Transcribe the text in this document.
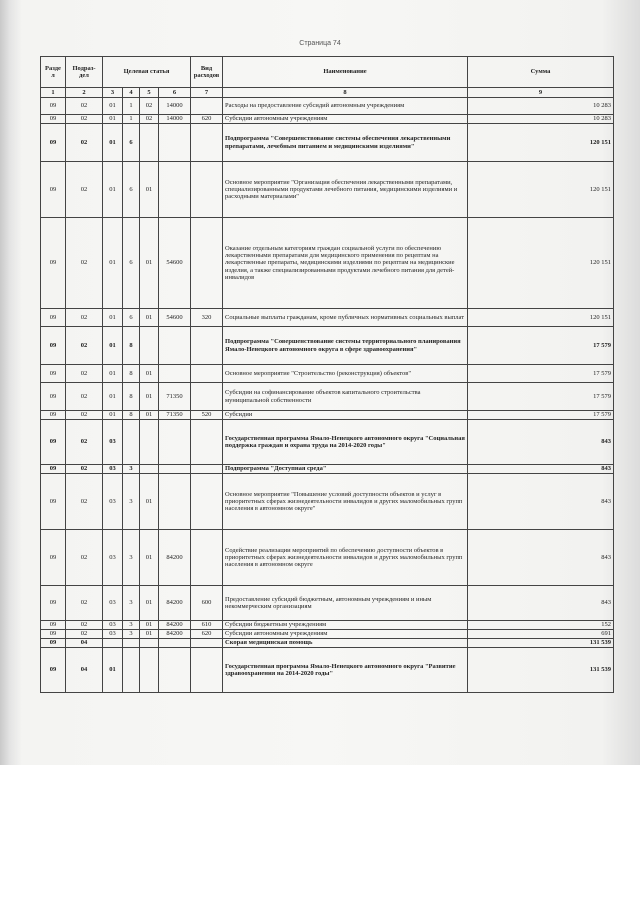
Страница 74
Разде л	Подраз- дел	Целевая статья				Вид расходов	Наименование	Сумма
1	2	3	4	5	6	7	8	9
09	02	01	1	02	14000		Расходы на предоставление субсидий автономным учреждениям	10 283
09	02	01	1	02	14000	620	Субсидии автономным учреждениям	10 283
09	02	01	6				Подпрограмма "Совершенствование системы обеспечения лекарственными препаратами, лечебным питанием и медицинскими изделиями"	120 151
09	02	01	6	01			Основное мероприятие "Организация обеспечения лекарственными препаратами, специализированными продуктами лечебного питания, медицинскими изделиями и расходными материалами"	120 151
09	02	01	6	01	54600		Оказание отдельным категориям граждан социальной услуги по обеспечению лекарственными препаратами для медицинского применения по рецептам на лекарственные препараты, медицинскими изделиями по рецептам на медицинские изделия, а также специализированными продуктами лечебного питания для детей-инвалидов	120 151
09	02	01	6	01	54600	320	Социальные выплаты гражданам, кроме публичных нормативных социальных выплат	120 151
09	02	01	8				Подпрограмма "Совершенствование системы территориального планирования Ямало-Ненецкого автономного округа в сфере здравоохранения"	17 579
09	02	01	8	01			Основное мероприятие "Строительство (реконструкция) объектов"	17 579
09	02	01	8	01	71350		Субсидии на софинансирование объектов капитального строительства муниципальной собственности	17 579
09	02	01	8	01	71350	520	Субсидии	17 579
09	02	03					Государственная программа Ямало-Ненецкого автономного округа "Социальная поддержка граждан и охрана труда на 2014-2020 годы"	843
09	02	03	3				Подпрограмма "Доступная среда"	843
09	02	03	3	01			Основное мероприятие "Повышение условий доступности объектов и услуг в приоритетных сферах жизнедеятельности инвалидов и других маломобильных групп населения в автономном округе"	843
09	02	03	3	01	84200		Содействие реализации мероприятий по обеспечению доступности объектов в приоритетных сферах жизнедеятельности инвалидов и других маломобильных групп населения в автономном округе	843
09	02	03	3	01	84200	600	Предоставление субсидий бюджетным, автономным учреждениям и иным некоммерческим организациям	843
09	02	03	3	01	84200	610	Субсидии бюджетным учреждениям	152
09	02	03	3	01	84200	620	Субсидии автономным учреждениям	691
09	04						Скорая медицинская помощь	131 539
09	04	01					Государственная программа Ямало-Ненецкого автономного округа "Развитие здравоохранения на 2014-2020 годы"	131 539
